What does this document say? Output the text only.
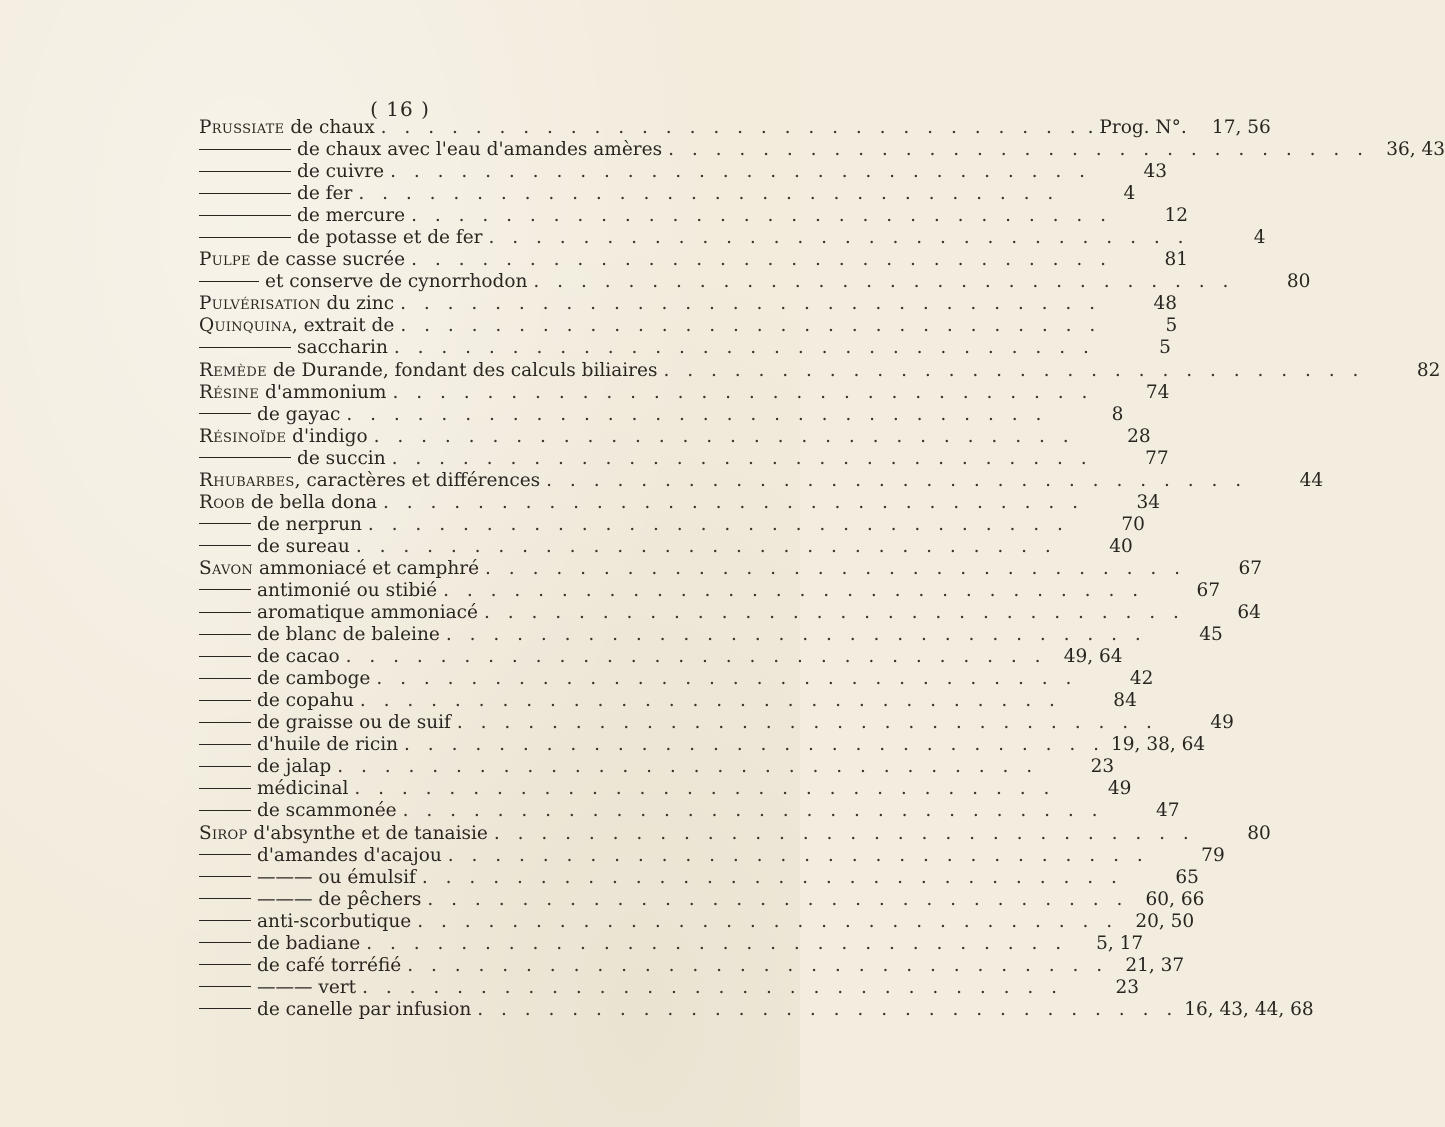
( 16 )
Prussiate de chaux . . . . . . . . . . . . . . . . . . . . . . . . . . . . . . . Prog. N°.	17, 56
de chaux avec l'eau d'amandes amères . . . . . . . . . . . . . . . . . . . . . . . . . . . . . . 36, 43
de cuivre . . . . . . . . . . . . . . . . . . . . . . . . . . . . . .	43
de fer . . . . . . . . . . . . . . . . . . . . . . . . . . . . . .	4
de mercure . . . . . . . . . . . . . . . . . . . . . . . . . . . . . .	12
de potasse et de fer . . . . . . . . . . . . . . . . . . . . . . . . . . . . . .	4
Pulpe de casse sucrée . . . . . . . . . . . . . . . . . . . . . . . . . . . . . .	81
et conserve de cynorrhodon . . . . . . . . . . . . . . . . . . . . . . . . . . . . . .	80
Pulvérisation du zinc . . . . . . . . . . . . . . . . . . . . . . . . . . . . . .	48
Quinquina, extrait de . . . . . . . . . . . . . . . . . . . . . . . . . . . . . .	5
saccharin . . . . . . . . . . . . . . . . . . . . . . . . . . . . . .	5
Remède de Durande, fondant des calculs biliaires . . . . . . . . . . . . . . . . . . . . . . . . . . . . . .	82
Résine d'ammonium . . . . . . . . . . . . . . . . . . . . . . . . . . . . . .	74
de gayac . . . . . . . . . . . . . . . . . . . . . . . . . . . . . .	8
Résinoïde d'indigo . . . . . . . . . . . . . . . . . . . . . . . . . . . . . .	28
de succin . . . . . . . . . . . . . . . . . . . . . . . . . . . . . .	77
Rhubarbes, caractères et différences . . . . . . . . . . . . . . . . . . . . . . . . . . . . . .	44
Roob de bella dona . . . . . . . . . . . . . . . . . . . . . . . . . . . . . .	34
de nerprun . . . . . . . . . . . . . . . . . . . . . . . . . . . . . .	70
de sureau . . . . . . . . . . . . . . . . . . . . . . . . . . . . . .	40
Savon ammoniacé et camphré . . . . . . . . . . . . . . . . . . . . . . . . . . . . . .	67
antimonié ou stibié . . . . . . . . . . . . . . . . . . . . . . . . . . . . . .	67
aromatique ammoniacé . . . . . . . . . . . . . . . . . . . . . . . . . . . . . .	64
de blanc de baleine . . . . . . . . . . . . . . . . . . . . . . . . . . . . . .	45
de cacao . . . . . . . . . . . . . . . . . . . . . . . . . . . . . . 49, 64
de camboge . . . . . . . . . . . . . . . . . . . . . . . . . . . . . .	42
de copahu . . . . . . . . . . . . . . . . . . . . . . . . . . . . . .	84
de graisse ou de suif . . . . . . . . . . . . . . . . . . . . . . . . . . . . . .	49
d'huile de ricin . . . . . . . . . . . . . . . . . . . . . . . . . . . . . . 19, 38, 64
de jalap . . . . . . . . . . . . . . . . . . . . . . . . . . . . . .	23
médicinal . . . . . . . . . . . . . . . . . . . . . . . . . . . . . .	49
de scammonée . . . . . . . . . . . . . . . . . . . . . . . . . . . . . .	47
Sirop d'absynthe et de tanaisie . . . . . . . . . . . . . . . . . . . . . . . . . . . . . .	80
d'amandes d'acajou . . . . . . . . . . . . . . . . . . . . . . . . . . . . . .	79
——— ou émulsif . . . . . . . . . . . . . . . . . . . . . . . . . . . . . .	65
——— de pêchers . . . . . . . . . . . . . . . . . . . . . . . . . . . . . . 60, 66
anti-scorbutique . . . . . . . . . . . . . . . . . . . . . . . . . . . . . . 20, 50
de badiane . . . . . . . . . . . . . . . . . . . . . . . . . . . . . .	5, 17
de café torréfié . . . . . . . . . . . . . . . . . . . . . . . . . . . . . . 21, 37
——— vert . . . . . . . . . . . . . . . . . . . . . . . . . . . . . .	23
de canelle par infusion . . . . . . . . . . . . . . . . . . . . . . . . . . . . . . 16, 43, 44, 68
